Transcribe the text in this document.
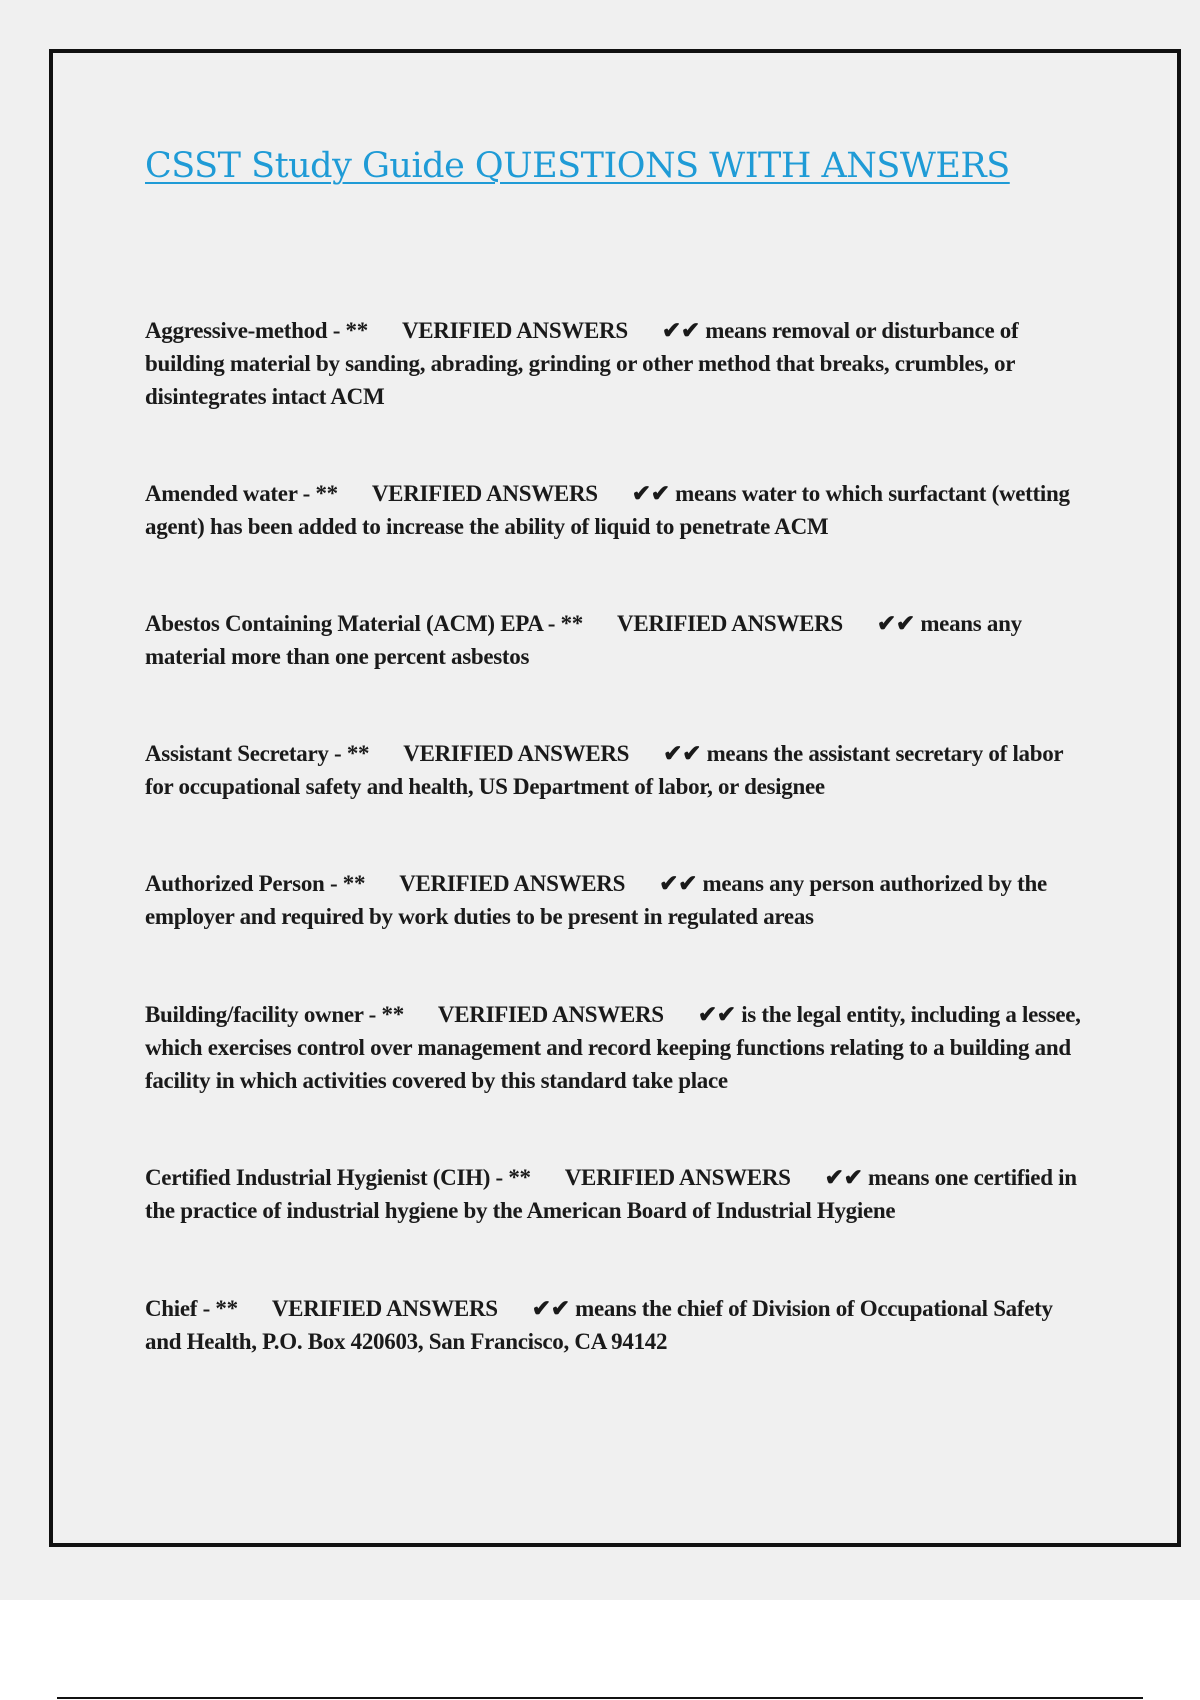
CSST Study Guide QUESTIONS WITH ANSWERS

Aggressive-method - ** VERIFIED ANSWERS ✔✔ means removal or disturbance of building material by sanding, abrading, grinding or other method that breaks, crumbles, or disintegrates intact ACM

Amended water - ** VERIFIED ANSWERS ✔✔ means water to which surfactant (wetting agent) has been added to increase the ability of liquid to penetrate ACM

Abestos Containing Material (ACM) EPA - ** VERIFIED ANSWERS ✔✔ means any material more than one percent asbestos

Assistant Secretary - ** VERIFIED ANSWERS ✔✔ means the assistant secretary of labor for occupational safety and health, US Department of labor, or designee

Authorized Person - ** VERIFIED ANSWERS ✔✔ means any person authorized by the employer and required by work duties to be present in regulated areas

Building/facility owner - ** VERIFIED ANSWERS ✔✔ is the legal entity, including a lessee, which exercises control over management and record keeping functions relating to a building and facility in which activities covered by this standard take place

Certified Industrial Hygienist (CIH) - ** VERIFIED ANSWERS ✔✔ means one certified in the practice of industrial hygiene by the American Board of Industrial Hygiene

Chief - ** VERIFIED ANSWERS ✔✔ means the chief of Division of Occupational Safety and Health, P.O. Box 420603, San Francisco, CA 94142
